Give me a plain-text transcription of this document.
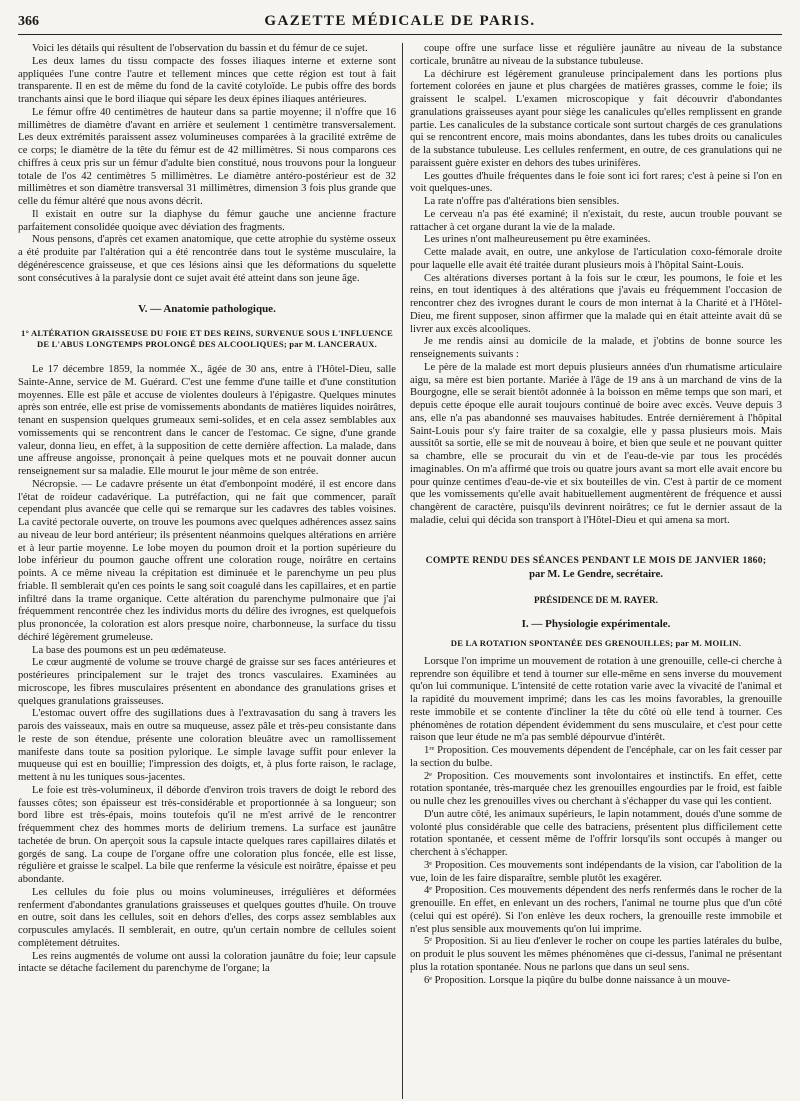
366	GAZETTE MÉDICALE DE PARIS.

Voici les détails qui résultent de l'observation du bassin et du fémur de ce sujet.

Les deux lames du tissu compacte des fosses iliaques interne et externe sont appliquées l'une contre l'autre et tellement minces que cette région est tout à fait transparente. Il en est de même du fond de la cavité cotyloïde. Le pubis offre des bords tranchants ainsi que le bord iliaque qui sépare les deux épines iliaques antérieures.

Le fémur offre 40 centimètres de hauteur dans sa partie moyenne; il n'offre que 16 millimètres de diamètre d'avant en arrière et seulement 1 centimètre transversalement. Les deux extrémités paraissent assez volumineuses comparées à la gracilité extrême de ce corps; le diamètre de la tête du fémur est de 42 millimètres. Si nous comparons ces chiffres à ceux pris sur un fémur d'adulte bien constitué, nous trouvons pour la longueur totale de l'os 42 centimètres 5 millimètres. Le diamètre antéro-postérieur est de 32 millimètres et son diamètre transversal 31 millimètres, dimension 3 fois plus grande que celle du fémur altéré que nous avons décrit.

Il existait en outre sur la diaphyse du fémur gauche une ancienne fracture parfaitement consolidée quoique avec déviation des fragments.

Nous pensons, d'après cet examen anatomique, que cette atrophie du système osseux a été produite par l'altération qui a été rencontrée dans tout le système musculaire, la dégénérescence graisseuse, et que ces lésions ainsi que les déformations du squelette sont consécutives à la paralysie dont ce sujet avait été atteint dans son jeune âge.

V. — Anatomie pathologique.
1° ALTÉRATION GRAISSEUSE DU FOIE ET DES REINS, SURVENUE SOUS L'INFLUENCE DE L'ABUS LONGTEMPS PROLONGÉ DES ALCOOLIQUES; par M. LANCERAUX.

Le 17 décembre 1859, la nommée X., âgée de 30 ans, entre à l'Hôtel-Dieu, salle Sainte-Anne, service de M. Guérard. C'est une femme d'une taille et d'une constitution moyennes. Elle est pâle et accuse de violentes douleurs à l'épigastre. Quelques minutes après son entrée, elle est prise de vomissements abondants de matières liquides noirâtres, tenant en suspension quelques grumeaux semi-solides, et en cela assez semblables aux vomissements qui se rencontrent dans le cancer de l'estomac. Ce signe, d'une grande valeur, donna lieu, en effet, à la supposition de cette dernière affection. La malade, dans une affreuse angoisse, prononçait à peine quelques mots et ne pouvait donner aucun renseignement sur sa maladie. Elle mourut le jour même de son entrée.

Nécropsie. — Le cadavre présente un état d'embonpoint modéré, il est encore dans l'état de roideur cadavérique. La putréfaction, qui ne fait que commencer, paraît cependant plus avancée que celle qui se remarque sur les cadavres des tables voisines. La cavité pectorale ouverte, on trouve les poumons avec quelques adhérences assez sains au niveau de leur bord antérieur; ils présentent néanmoins quelques altérations en arrière et à leur partie moyenne. Le lobe moyen du poumon droit et la portion supérieure du lobe inférieur du poumon gauche offrent une coloration rouge, noirâtre en certains points. A ce même niveau la crépitation est diminuée et le parenchyme un peu plus friable. Il semblerait qu'en ces points le sang soit coagulé dans les capillaires, et en partie infiltré dans la trame organique. Cette altération du parenchyme pulmonaire que j'ai fréquemment rencontrée chez les individus morts du délire des ivrognes, est quelquefois plus prononcée, la coloration est alors presque noire, charbonneuse, la surface du tissu déchiré légèrement grumeleuse.

La base des poumons est un peu œdémateuse.

Le cœur augmenté de volume se trouve chargé de graisse sur ses faces antérieures et postérieures principalement sur le trajet des troncs vasculaires. Examinées au microscope, les fibres musculaires présentent en abondance des granulations grises et quelques granulations graisseuses.

L'estomac ouvert offre des sugillations dues à l'extravasation du sang à travers les parois des vaisseaux, mais en outre sa muqueuse, assez pâle et très-peu consistante dans le reste de son étendue, présente une coloration bleuâtre avec un ramollissement manifeste dans toute sa position pylorique. Le simple lavage suffit pour enlever la muqueuse qui est en bouillie; l'impression des doigts, et, à plus forte raison, le raclage, mettent à nu les tuniques sous-jacentes.

Le foie est très-volumineux, il déborde d'environ trois travers de doigt le rebord des fausses côtes; son épaisseur est très-considérable et proportionnée à sa longueur; son bord libre est très-épais, moins toutefois qu'il ne m'est arrivé de le rencontrer fréquemment chez des hommes morts de delirium tremens. La surface est jaunâtre tachetée de brun. On aperçoit sous la capsule intacte quelques rares capillaires dilatés et gorgés de sang. La coupe de l'organe offre une coloration plus foncée, elle est lisse, régulière et graisse le scalpel. La bile que renferme la vésicule est noirâtre, épaisse et peu abondante.

Les cellules du foie plus ou moins volumineuses, irrégulières et déformées renferment d'abondantes granulations graisseuses et quelques gouttes d'huile. On trouve en outre, soit dans les cellules, soit en dehors d'elles, des corps assez semblables aux corpuscules amylacés. Il semblerait, en outre, qu'un certain nombre de cellules soient complètement détruites.

Les reins augmentés de volume ont aussi la coloration jaunâtre du foie; leur capsule intacte se détache facilement du parenchyme de l'organe; la

coupe offre une surface lisse et régulière jaunâtre au niveau de la substance corticale, brunâtre au niveau de la substance tubuleuse.

La déchirure est légèrement granuleuse principalement dans les portions plus fortement colorées en jaune et plus chargées de matières grasses, comme le foie; ils graissent le scalpel. L'examen microscopique y fait découvrir d'abondantes granulations graisseuses ayant pour siège les canalicules qu'elles remplissent en grande partie. Les canalicules de la substance corticale sont surtout chargés de ces granulations qui se rencontrent encore, mais moins abondantes, dans les tubes droits ou canalicules de la substance tubuleuse. Les cellules renferment, en outre, de ces granulations qui ne paraissent guère exister en dehors des tubes urinifères.

Les gouttes d'huile fréquentes dans le foie sont ici fort rares; c'est à peine si l'on en voit quelques-unes.

La rate n'offre pas d'altérations bien sensibles.

Le cerveau n'a pas été examiné; il n'existait, du reste, aucun trouble pouvant se rattacher à cet organe durant la vie de la malade.

Les urines n'ont malheureusement pu être examinées.

Cette malade avait, en outre, une ankylose de l'articulation coxo-fémorale droite pour laquelle elle avait été traitée durant plusieurs mois à l'hôpital Saint-Louis.

Ces altérations diverses portant à la fois sur le cœur, les poumons, le foie et les reins, en tout identiques à des altérations que j'avais eu fréquemment l'occasion de rencontrer chez des ivrognes durant le cours de mon internat à la Charité et à l'Hôtel-Dieu, me firent supposer, sinon affirmer que la malade qui en était atteinte avait dû se livrer aux excès alcooliques.

Je me rendis ainsi au domicile de la malade, et j'obtins de bonne source les renseignements suivants :

Le père de la malade est mort depuis plusieurs années d'un rhumatisme articulaire aigu, sa mère est bien portante. Mariée à l'âge de 19 ans à un marchand de vins de la Bourgogne, elle se serait bientôt adonnée à la boisson en même temps que son mari, et depuis cette époque elle aurait toujours continué de boire avec excès. Veuve depuis 3 ans, elle n'a pas abandonné ses mauvaises habitudes. Entrée dernièrement à l'hôpital Saint-Louis pour s'y faire traiter de sa coxalgie, elle y passa plusieurs mois. Mais aussitôt sa sortie, elle se mit de nouveau à boire, et bien que seule et ne pouvant quitter sa chambre, elle se procurait du vin et de l'eau-de-vie par tous les procédés imaginables. On m'a affirmé que trois ou quatre jours avant sa mort elle avait encore bu pour quinze centimes d'eau-de-vie et six bouteilles de vin. C'est à partir de ce moment que les vomissements qu'elle avait habituellement augmentèrent de fréquence et aussi changèrent de caractère, puisqu'ils devinrent noirâtres; ce fut le dernier assaut de la maladie, celui qui décida son transport à l'Hôtel-Dieu et qui amena sa mort.

COMPTE RENDU DES SÉANCES PENDANT LE MOIS DE JANVIER 1860;
par M. Le Gendre, secrétaire.
PRÉSIDENCE DE M. RAYER.
I. — Physiologie expérimentale.
DE LA ROTATION SPONTANÉE DES GRENOUILLES; par M. MOILIN.

Lorsque l'on imprime un mouvement de rotation à une grenouille, celle-ci cherche à reprendre son équilibre et tend à tourner sur elle-même en sens inverse du mouvement qu'on lui communique. L'intensité de cette rotation varie avec la vivacité de l'animal et la rapidité du mouvement imprimé; dans les cas les moins favorables, la grenouille reste immobile et se contente d'incliner la tête du côté où elle tend à tourner. Ces phénomènes de rotation dépendent évidemment du sens musculaire, et c'est pour cette raison que leur étude ne m'a pas semblé dépourvue d'intérêt.

1ʳᵉ Proposition. Ces mouvements dépendent de l'encéphale, car on les fait cesser par la section du bulbe.

2ᵉ Proposition. Ces mouvements sont involontaires et instinctifs. En effet, cette rotation spontanée, très-marquée chez les grenouilles engourdies par le froid, est faible ou nulle chez les grenouilles vives ou cherchant à s'échapper du vase qui les contient.

D'un autre côté, les animaux supérieurs, le lapin notamment, doués d'une somme de volonté plus considérable que celle des batraciens, présentent plus difficilement cette rotation spontanée, et cessent même de l'offrir lorsqu'ils sont occupés à manger ou cherchent à s'échapper.

3ᵉ Proposition. Ces mouvements sont indépendants de la vision, car l'abolition de la vue, loin de les faire disparaître, semble plutôt les exagérer.

4ᵉ Proposition. Ces mouvements dépendent des nerfs renfermés dans le rocher de la grenouille. En effet, en enlevant un des rochers, l'animal ne tourne plus que d'un côté (celui qui est opéré). Si l'on enlève les deux rochers, la grenouille reste immobile et n'est plus sensible aux mouvements qu'on lui imprime.

5ᵉ Proposition. Si au lieu d'enlever le rocher on coupe les parties latérales du bulbe, on produit le plus souvent les mêmes phénomènes que ci-dessus, l'animal ne présentant plus la rotation spontanée. Nous ne parlons que dans un seul sens.

6ᵉ Proposition. Lorsque la piqûre du bulbe donne naissance à un mouve-
